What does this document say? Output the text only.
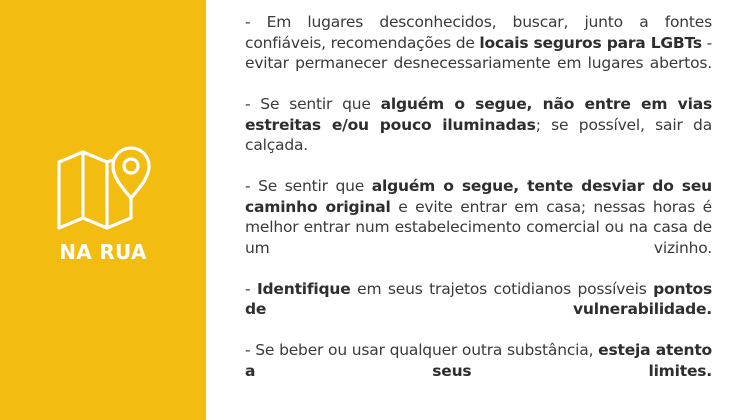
NA RUA

- Em lugares desconhecidos, buscar, junto a fontes confiáveis, recomendações de locais seguros para LGBTs - evitar permanecer desnecessariamente em lugares abertos.

- Se sentir que alguém o segue, não entre em vias estreitas e/ou pouco iluminadas; se possível, sair da calçada.

- Se sentir que alguém o segue, tente desviar do seu caminho original e evite entrar em casa; nessas horas é melhor entrar num estabelecimento comercial ou na casa de um vizinho.

- Identifique em seus trajetos cotidianos possíveis pontos de vulnerabilidade.

- Se beber ou usar qualquer outra substância, esteja atento a seus limites.
